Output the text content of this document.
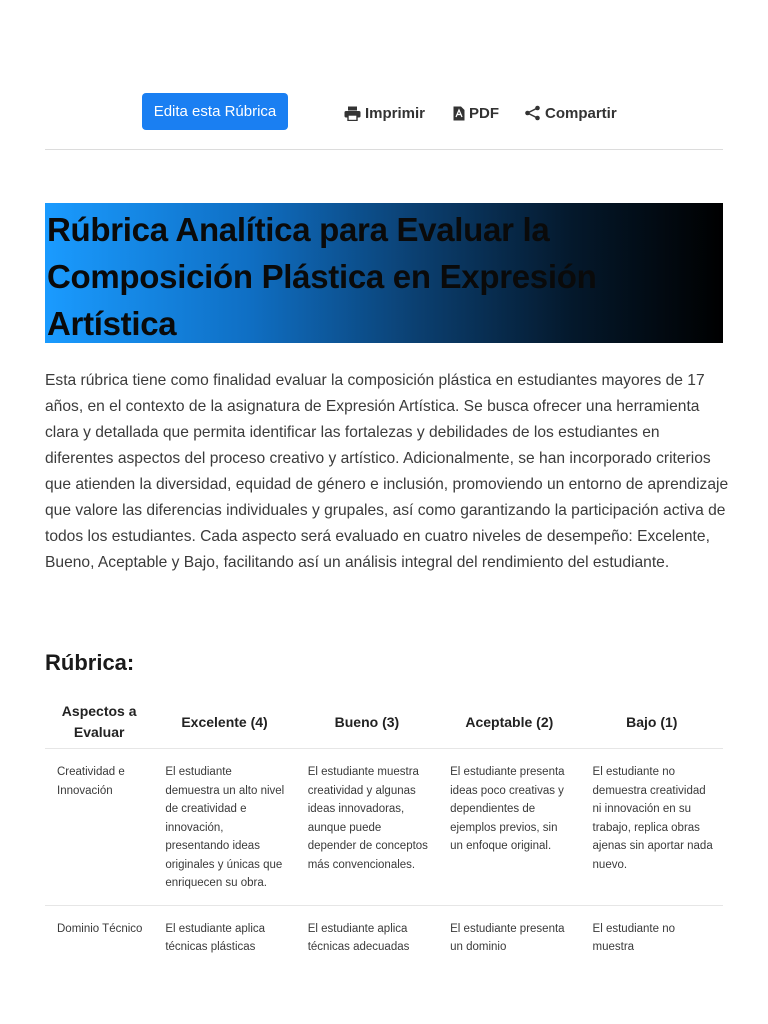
Edita esta Rúbrica	Imprimir	PDF	Compartir
Rúbrica Analítica para Evaluar la Composición Plástica en Expresión Artística

Esta rúbrica tiene como finalidad evaluar la composición plástica en estudiantes mayores de 17 años, en el contexto de la asignatura de Expresión Artística. Se busca ofrecer una herramienta clara y detallada que permita identificar las fortalezas y debilidades de los estudiantes en diferentes aspectos del proceso creativo y artístico. Adicionalmente, se han incorporado criterios que atienden la diversidad, equidad de género e inclusión, promoviendo un entorno de aprendizaje que valore las diferencias individuales y grupales, así como garantizando la participación activa de todos los estudiantes. Cada aspecto será evaluado en cuatro niveles de desempeño: Excelente, Bueno, Aceptable y Bajo, facilitando así un análisis integral del rendimiento del estudiante.

Rúbrica:
Aspectos a Evaluar	Excelente (4)	Bueno (3)	Aceptable (2)	Bajo (1)
Creatividad e Innovación	El estudiante demuestra un alto nivel de creatividad e innovación, presentando ideas originales y únicas que enriquecen su obra.	El estudiante muestra creatividad y algunas ideas innovadoras, aunque puede depender de conceptos más convencionales.	El estudiante presenta ideas poco creativas y dependientes de ejemplos previos, sin un enfoque original.	El estudiante no demuestra creatividad ni innovación en su trabajo, replica obras ajenas sin aportar nada nuevo.
Dominio Técnico	El estudiante aplica técnicas plásticas	El estudiante aplica técnicas adecuadas	El estudiante presenta un dominio	El estudiante no muestra
